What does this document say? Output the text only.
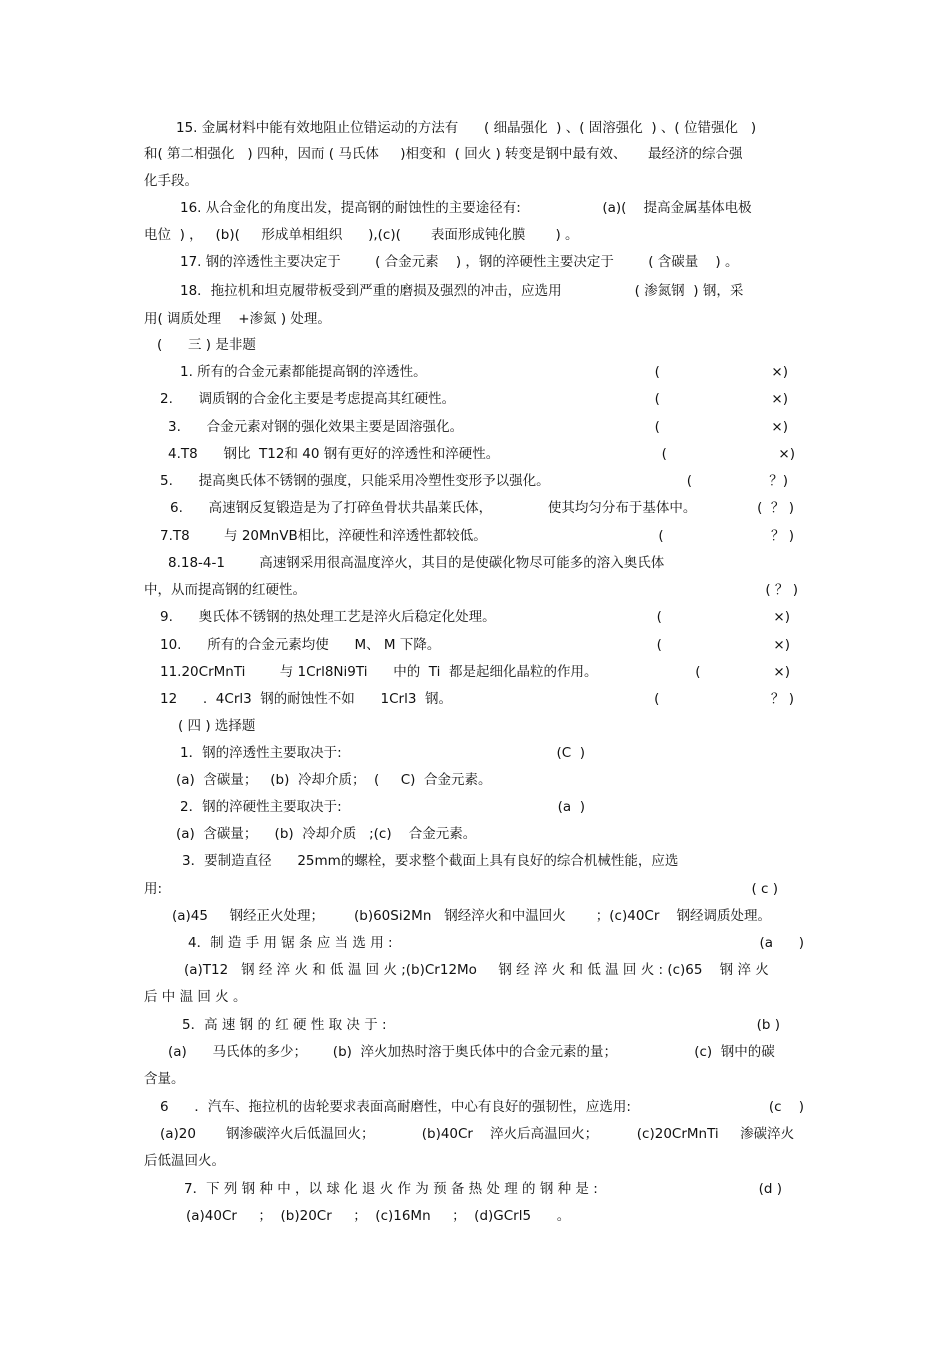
15. 金属材料中能有效地阻止位错运动的方法有      ( 细晶强化  ) 、( 固溶强化  ) 、( 位错强化   )
和( 第二相强化   ) 四种，因而 ( 马氏体     )相变和  ( 回火 ) 转变是钢中最有效、     最经济的综合强
化手段。
16. 从合金化的角度出发，提高钢的耐蚀性的主要途径有:                   (a)(    提高金属基体电极
电位  ) ，   (b)(     形成单相组织      ),(c)(       表面形成钝化膜       ) 。
17. 钢的淬透性主要决定于        ( 合金元素    ) ，钢的淬硬性主要决定于        ( 含碳量    ) 。
18．拖拉机和坦克履带板受到严重的磨损及强烈的冲击，应选用                 ( 渗氮钢  ) 钢，采
用( 调质处理    +渗氮 ) 处理。
(      三 ) 是非题
1. 所有的合金元素都能提高钢的淬透性。	(                          ×)
2.      调质钢的合金化主要是考虑提高其红硬性。	(                          ×)
3.      合金元素对钢的强化效果主要是固溶强化。	(                          ×)
4.T8      钢比  T12和 40 钢有更好的淬透性和淬硬性。	(                          ×)
5.      提高奥氏体不锈钢的强度，只能采用冷塑性变形予以强化。	(                  ？)
6.      高速钢反复锻造是为了打碎鱼骨状共晶莱氏体，             使其均匀分布于基体中。	(  ？ )
7.T8        与 20MnVB相比，淬硬性和淬透性都较低。	(                         ？ )
8.18-4-1        高速钢采用很高温度淬火，其目的是使碳化物尽可能多的溶入奥氏体
中，从而提高钢的红硬性。	( ？ )
9.      奥氏体不锈钢的热处理工艺是淬火后稳定化处理。	(                          ×)
10.      所有的合金元素均使      M、 M 下降。	(                          ×)
11.20CrMnTi        与 1Crl8Ni9Ti      中的  Ti  都是起细化晶粒的作用。	(                 ×)
12      .  4Crl3  钢的耐蚀性不如      1Crl3  钢。	(                          ？ )
( 四 ) 选择题
1．钢的淬透性主要取决于:	(C  )
(a)  含碳量；   (b)  冷却介质；  (     C)  合金元素。
2．钢的淬硬性主要取决于:	(a  )
(a)  含碳量；    (b)  冷却介质   ;(c)    合金元素。
3．要制造直径      25mm的螺栓，要求整个截面上具有良好的综合机械性能，应选
用:	( c )
(a)45     钢经正火处理；       (b)60Si2Mn   钢经淬火和中温回火       ；(c)40Cr    钢经调质处理。
4．制 造 手 用 锯 条 应 当 选 用 :	(a      )
(a)T12   钢 经 淬 火 和 低 温 回 火 ;(b)Cr12Mo     钢 经 淬 火 和 低 温 回 火 : (c)65    钢 淬 火
后 中 温 回 火 。
5．高 速 钢 的 红 硬 性 取 决 于 :	(b )
(a)      马氏体的多少；      (b)  淬火加热时溶于奥氏体中的合金元素的量；                  (c)  钢中的碳
含量。
6      ．汽车、拖拉机的齿轮要求表面高耐磨性，中心有良好的强韧性，应选用:	(c    )
(a)20       钢渗碳淬火后低温回火；           (b)40Cr    淬火后高温回火；         (c)20CrMnTi     渗碳淬火
后低温回火。
7．下 列 钢 种 中 ，以 球 化 退 火 作 为 预 备 热 处 理 的 钢 种 是 :	(d )
(a)40Cr     ；  (b)20Cr     ；  (c)16Mn     ；  (d)GCrl5      。
